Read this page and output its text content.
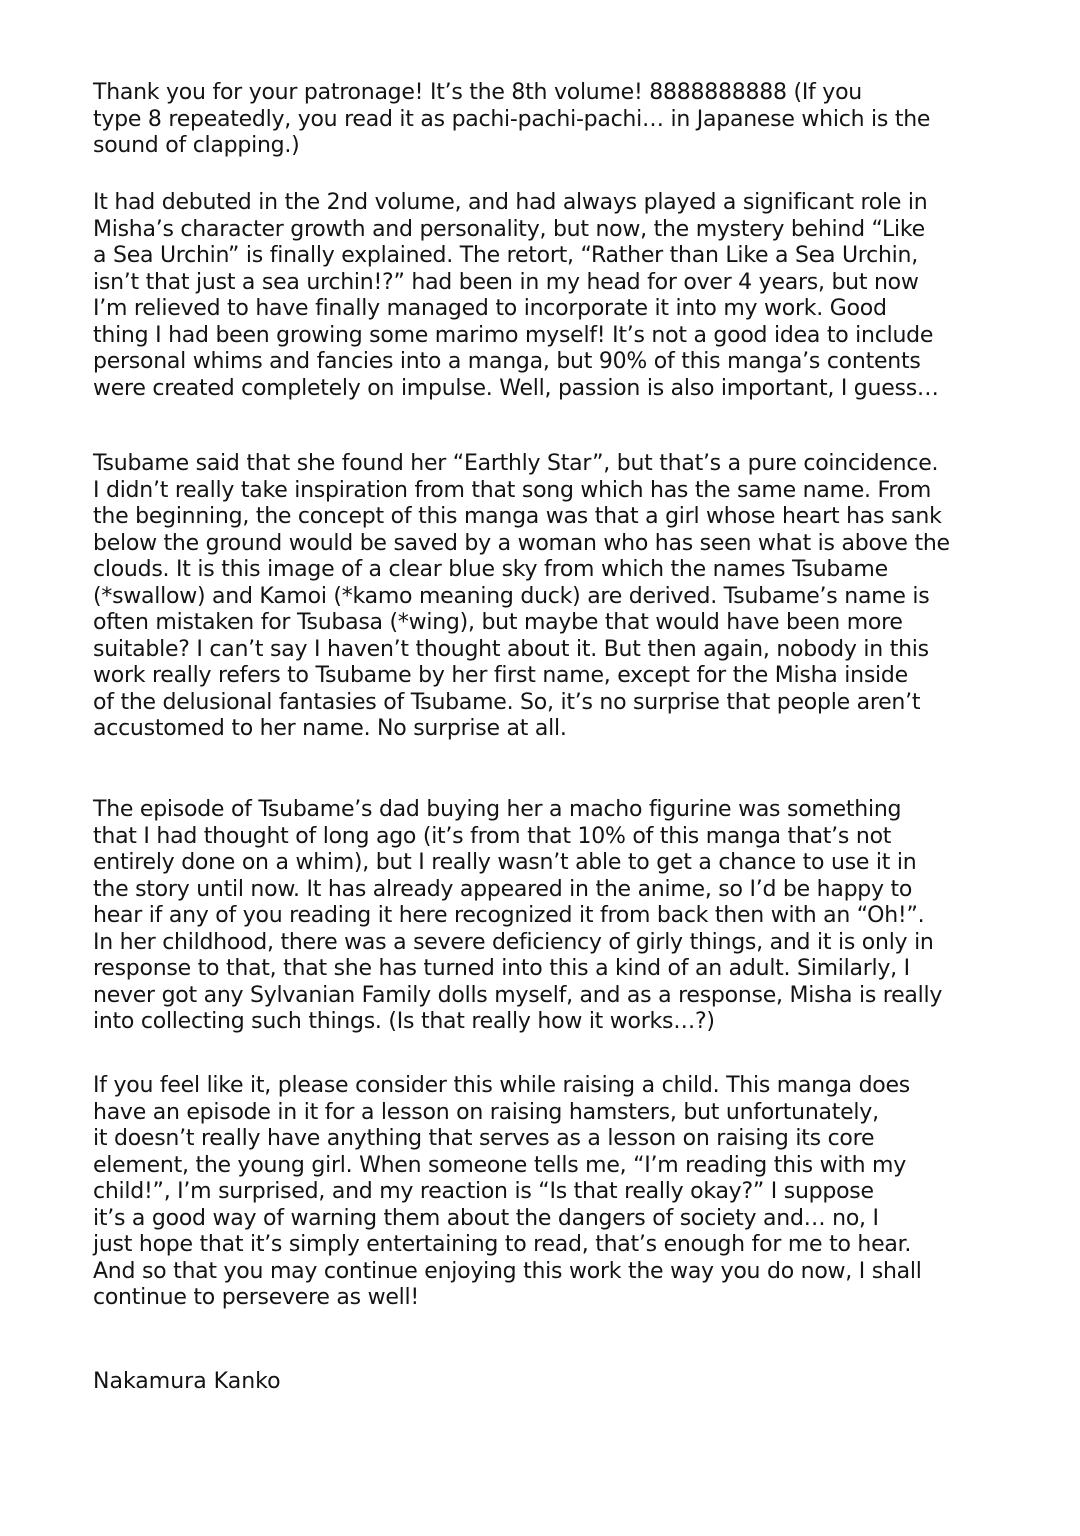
Thank you for your patronage! It’s the 8th volume! 8888888888 (If you
type 8 repeatedly, you read it as pachi-pachi-pachi… in Japanese which is the
sound of clapping.)

It had debuted in the 2nd volume, and had always played a significant role in
Misha’s character growth and personality, but now, the mystery behind “Like
a Sea Urchin” is finally explained. The retort, “Rather than Like a Sea Urchin,
isn’t that just a sea urchin!?” had been in my head for over 4 years, but now
I’m relieved to have finally managed to incorporate it into my work. Good
thing I had been growing some marimo myself! It’s not a good idea to include
personal whims and fancies into a manga, but 90% of this manga’s contents
were created completely on impulse. Well, passion is also important, I guess…

Tsubame said that she found her “Earthly Star”, but that’s a pure coincidence.
I didn’t really take inspiration from that song which has the same name. From
the beginning, the concept of this manga was that a girl whose heart has sank
below the ground would be saved by a woman who has seen what is above the
clouds. It is this image of a clear blue sky from which the names Tsubame
(*swallow) and Kamoi (*kamo meaning duck) are derived. Tsubame’s name is
often mistaken for Tsubasa (*wing), but maybe that would have been more
suitable? I can’t say I haven’t thought about it. But then again, nobody in this
work really refers to Tsubame by her first name, except for the Misha inside
of the delusional fantasies of Tsubame. So, it’s no surprise that people aren’t
accustomed to her name. No surprise at all.

The episode of Tsubame’s dad buying her a macho figurine was something
that I had thought of long ago (it’s from that 10% of this manga that’s not
entirely done on a whim), but I really wasn’t able to get a chance to use it in
the story until now. It has already appeared in the anime, so I’d be happy to
hear if any of you reading it here recognized it from back then with an “Oh!”.
In her childhood, there was a severe deficiency of girly things, and it is only in
response to that, that she has turned into this a kind of an adult. Similarly, I
never got any Sylvanian Family dolls myself, and as a response, Misha is really
into collecting such things. (Is that really how it works…?)

If you feel like it, please consider this while raising a child. This manga does
have an episode in it for a lesson on raising hamsters, but unfortunately,
it doesn’t really have anything that serves as a lesson on raising its core
element, the young girl. When someone tells me, “I’m reading this with my
child!”, I’m surprised, and my reaction is “Is that really okay?” I suppose
it’s a good way of warning them about the dangers of society and… no, I
just hope that it’s simply entertaining to read, that’s enough for me to hear.
And so that you may continue enjoying this work the way you do now, I shall
continue to persevere as well!

Nakamura Kanko
